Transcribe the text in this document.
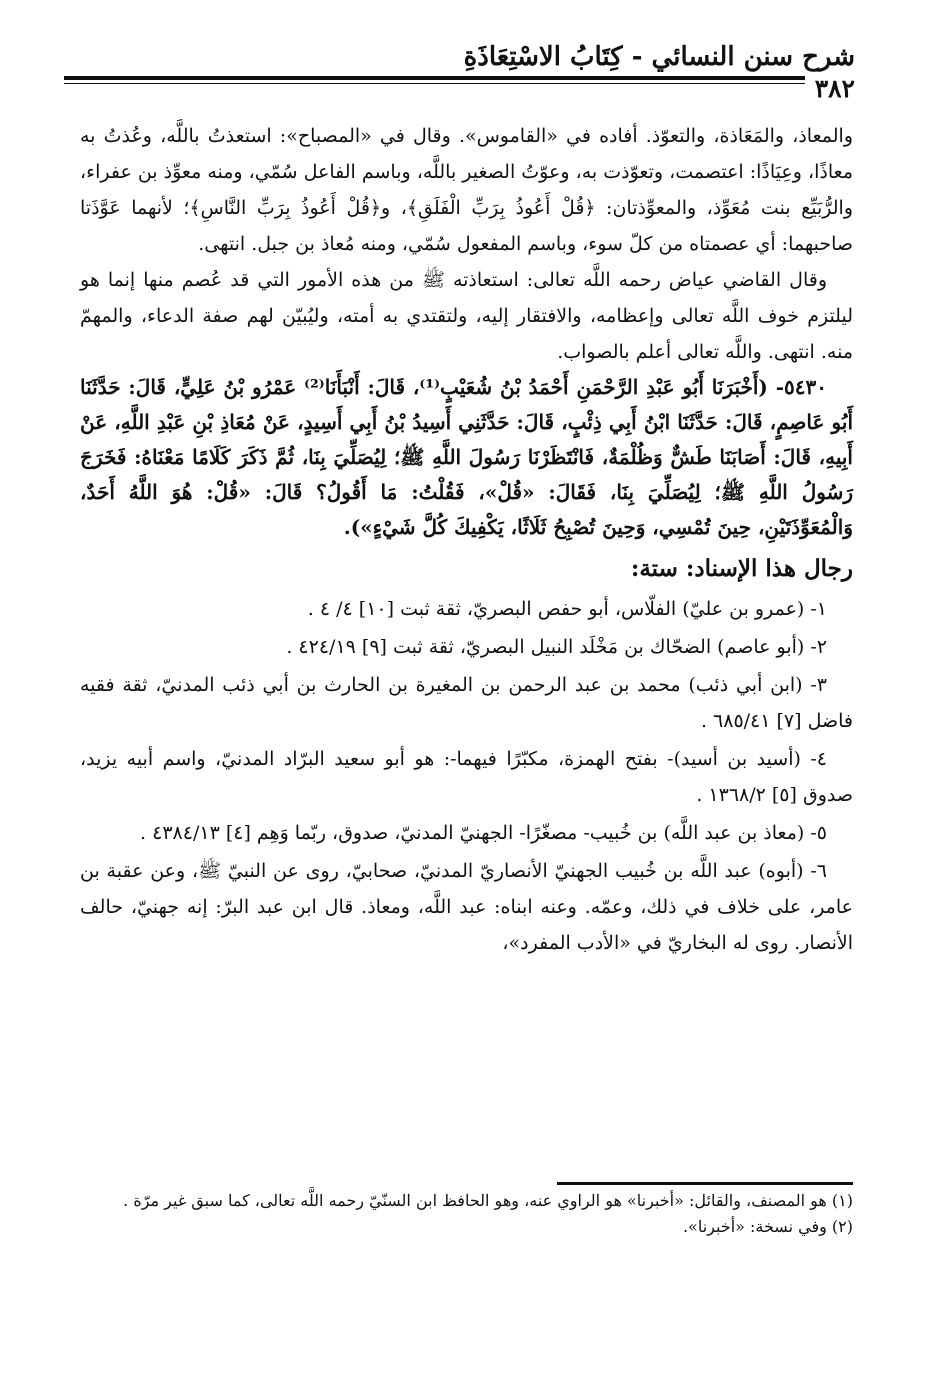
شرح سنن النسائي - كِتَابُ الاسْتِعَاذَةِ
٣٨٢

والمعاذ، والمَعَاذة، والتعوّذ. أفاده في «القاموس». وقال في «المصباح»: استعذتُ باللَّه، وعُذتُ به معاذًا، وعِيَاذًا: اعتصمت، وتعوّذت به، وعوّتُ الصغير باللَّه، وباسم الفاعل سُمّي، ومنه معوِّذ بن عفراء، والرُّبَيِّع بنت مُعَوِّذ، والمعوِّذتان: ﴿قُلْ أَعُوذُ بِرَبِّ الْفَلَقِ﴾، و﴿قُلْ أَعُوذُ بِرَبِّ النَّاسِ﴾؛ لأنهما عَوَّذَتا صاحبهما: أي عصمتاه من كلّ سوء، وباسم المفعول سُمّي، ومنه مُعاذ بن جبل. انتهى.

وقال القاضي عياض رحمه اللَّه تعالى: استعاذته ﷺ من هذه الأمور التي قد عُصم منها إنما هو ليلتزم خوف اللَّه تعالى وإعظامه، والافتقار إليه، ولتقتدي به أمته، وليُبيّن لهم صفة الدعاء، والمهمّ منه. انتهى. واللَّه تعالى أعلم بالصواب.

٥٤٣٠- (أَخْبَرَنَا أَبُو عَبْدِ الرَّحْمَنِ أَحْمَدُ بْنُ شُعَيْبٍ⁽¹⁾، قَالَ: أَنْبَأَنَا⁽²⁾ عَمْرُو بْنُ عَلِيٍّ، قَالَ: حَدَّثَنَا أَبُو عَاصِمٍ، قَالَ: حَدَّثَنَا ابْنُ أَبِي ذِئْبٍ، قَالَ: حَدَّثَنِي أَسِيدُ بْنُ أَبِي أَسِيدٍ، عَنْ مُعَاذِ بْنِ عَبْدِ اللَّهِ، عَنْ أَبِيهِ، قَالَ: أَصَابَنَا طَشٌّ وَظُلْمَةٌ، فَانْتَظَرْنَا رَسُولَ اللَّهِ ﷺ؛ لِيُصَلِّيَ بِنَا، ثُمَّ ذَكَرَ كَلَامًا مَعْنَاهُ: فَخَرَجَ رَسُولُ اللَّهِ ﷺ؛ لِيُصَلِّيَ بِنَا، فَقَالَ: «قُلْ»، فَقُلْتُ: مَا أَقُولُ؟ قَالَ: «قُلْ: هُوَ اللَّهُ أَحَدٌ، وَالْمُعَوِّذَتَيْنِ، حِينَ تُمْسِي، وَحِينَ تُصْبِحُ ثَلَاثًا، يَكْفِيكَ كُلَّ شَيْءٍ»).

رجال هذا الإسناد: ستة:

١- (عمرو بن عليّ) الفلّاس، أبو حفص البصريّ، ثقة ثبت [١٠] ٤/ ٤ .

٢- (أبو عاصم) الضحّاك بن مَخْلَد النبيل البصريّ، ثقة ثبت [٩] ٤٢٤/١٩ .

٣- (ابن أبي ذئب) محمد بن عبد الرحمن بن المغيرة بن الحارث بن أبي ذئب المدنيّ، ثقة فقيه فاضل [٧] ٦٨٥/٤١ .

٤- (أسيد بن أسيد)- بفتح الهمزة، مكبّرًا فيهما-: هو أبو سعيد البرّاد المدنيّ، واسم أبيه يزيد، صدوق [٥] ١٣٦٨/٢ .

٥- (معاذ بن عبد اللَّه) بن خُبيب- مصغّرًا- الجهنيّ المدنيّ، صدوق، ربّما وَهِم [٤] ٤٣٨٤/١٣ .

٦- (أبوه) عبد اللَّه بن خُبيب الجهنيّ الأنصاريّ المدنيّ، صحابيّ، روى عن النبيّ ﷺ، وعن عقبة بن عامر، على خلاف في ذلك، وعمّه. وعنه ابناه: عبد اللَّه، ومعاذ. قال ابن عبد البرّ: إنه جهنيّ، حالف الأنصار. روى له البخاريّ في «الأدب المفرد»،

(١) هو المصنف، والقائل: «أخبرنا» هو الراوي عنه، وهو الحافظ ابن السنّيّ رحمه اللَّه تعالى، كما سبق غير مرّة .

(٢) وفي نسخة: «أخبرنا».
